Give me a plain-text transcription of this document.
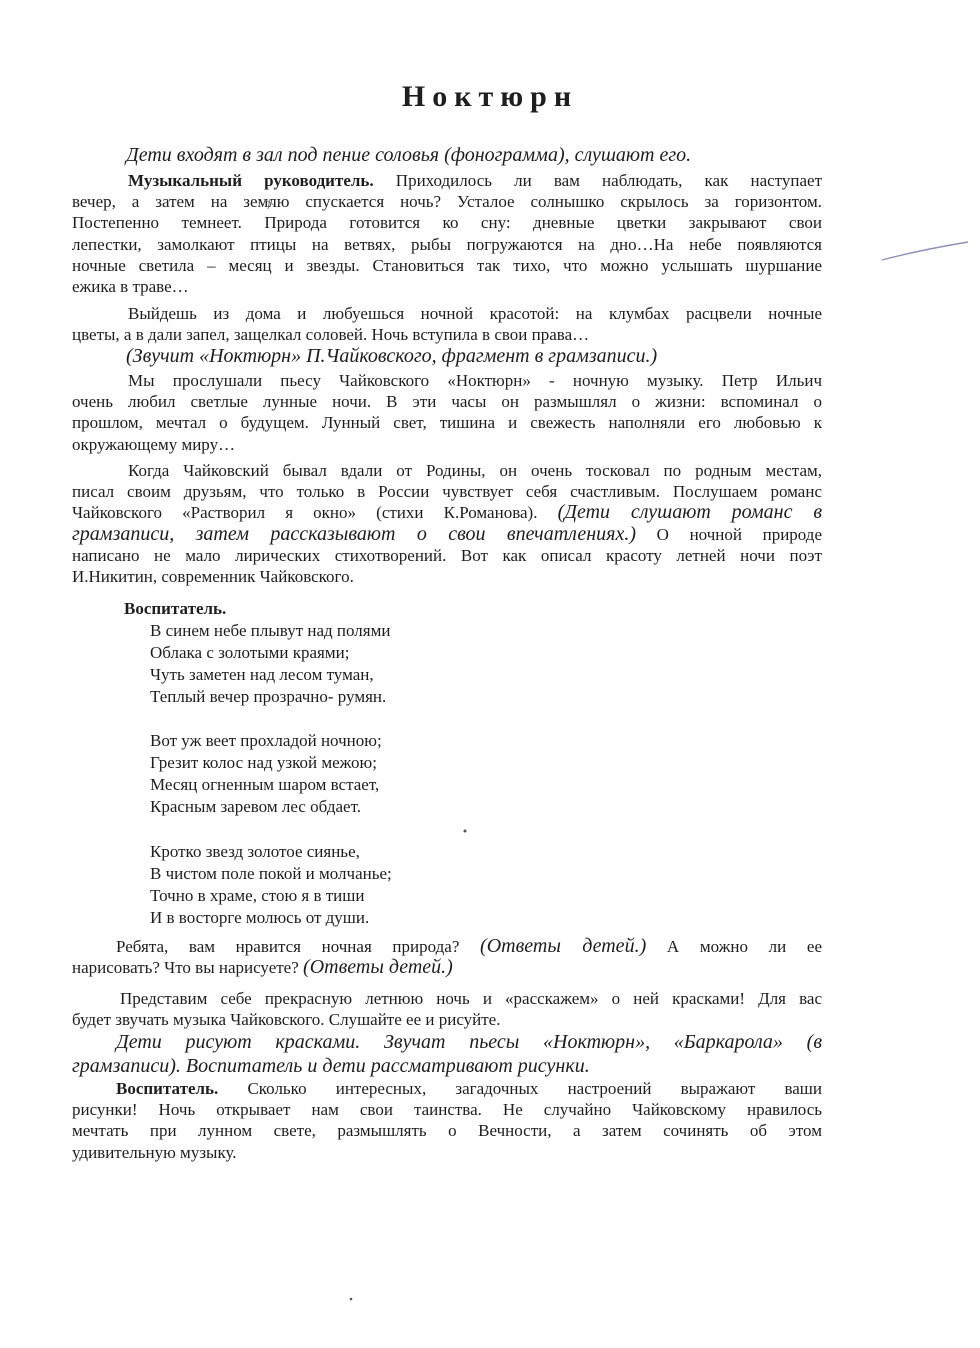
Ноктюрн
Дети входят в зал под пение соловья (фонограмма), слушают его.
Музыкальный руководитель. Приходилось ли вам наблюдать, как наступает
вечер, а затем на землю спускается ночь? Усталое солнышко скрылось за горизонтом.
Постепенно темнеет. Природа готовится ко сну: дневные цветки закрывают свои
лепестки, замолкают птицы на ветвях, рыбы погружаются на дно…На небе появляются
ночные светила – месяц и звезды. Становиться так тихо, что можно услышать шуршание
ежика в траве…
Выйдешь из дома и любуешься ночной красотой: на клумбах расцвели ночные
цветы, а в дали запел, защелкал соловей. Ночь вступила в свои права…
(Звучит «Ноктюрн» П.Чайковского, фрагмент в грамзаписи.)
Мы прослушали пьесу Чайковского «Ноктюрн» - ночную музыку. Петр Ильич
очень любил светлые лунные ночи. В эти часы он размышлял о жизни: вспоминал о
прошлом, мечтал о будущем. Лунный свет, тишина и свежесть наполняли его любовью к
окружающему миру…
Когда Чайковский бывал вдали от Родины, он очень тосковал по родным местам,
писал своим друзьям, что только в России чувствует себя счастливым. Послушаем романс
Чайковского «Растворил я окно» (стихи К.Романова). (Дети слушают романс в
грамзаписи, затем рассказывают о свои впечатлениях.) О ночной природе
написано не мало лирических стихотворений. Вот как описал красоту летней ночи поэт
И.Никитин, современник Чайковского.
Воспитатель.
В синем небе плывут над полями
Облака с золотыми краями;
Чуть заметен над лесом туман,
Теплый вечер прозрачно- румян.
Вот уж веет прохладой ночною;
Грезит колос над узкой межою;
Месяц огненным шаром встает,
Красным заревом лес обдает.
Кротко звезд золотое сиянье,
В чистом поле покой и молчанье;
Точно в храме, стою я в тиши
И в восторге молюсь от души.
Ребята, вам нравится ночная природа? (Ответы детей.) А можно ли ее
нарисовать? Что вы нарисуете? (Ответы детей.)
Представим себе прекрасную летнюю ночь и «расскажем» о ней красками! Для вас
будет звучать музыка Чайковского. Слушайте ее и рисуйте.
Дети рисуют красками. Звучат пьесы «Ноктюрн», «Баркарола» (в
грамзаписи). Воспитатель и дети рассматривают рисунки.
Воспитатель. Сколько интересных, загадочных настроений выражают ваши
рисунки! Ночь открывает нам свои таинства. Не случайно Чайковскому нравилось
мечтать при лунном свете, размышлять о Вечности, а затем сочинять об этом
удивительную музыку.
